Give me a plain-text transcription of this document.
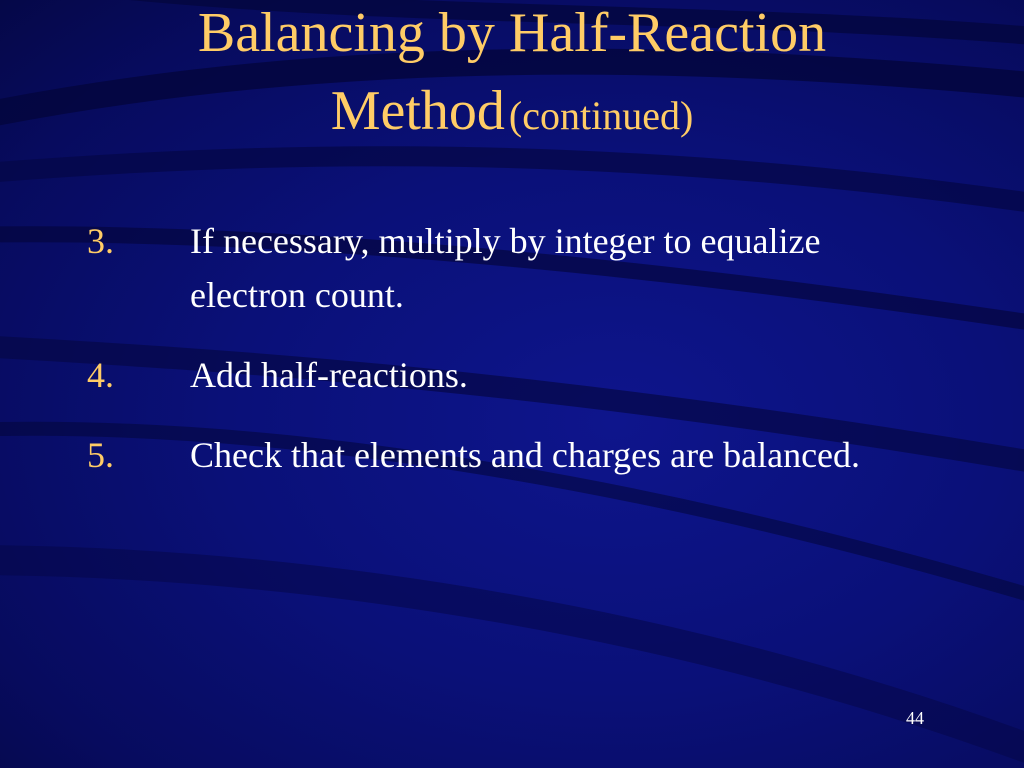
Balancing by Half-Reaction
Method (continued)
3. If necessary, multiply by integer to equalize electron count.
4. Add half-reactions.
5. Check that elements and charges are balanced.
44
